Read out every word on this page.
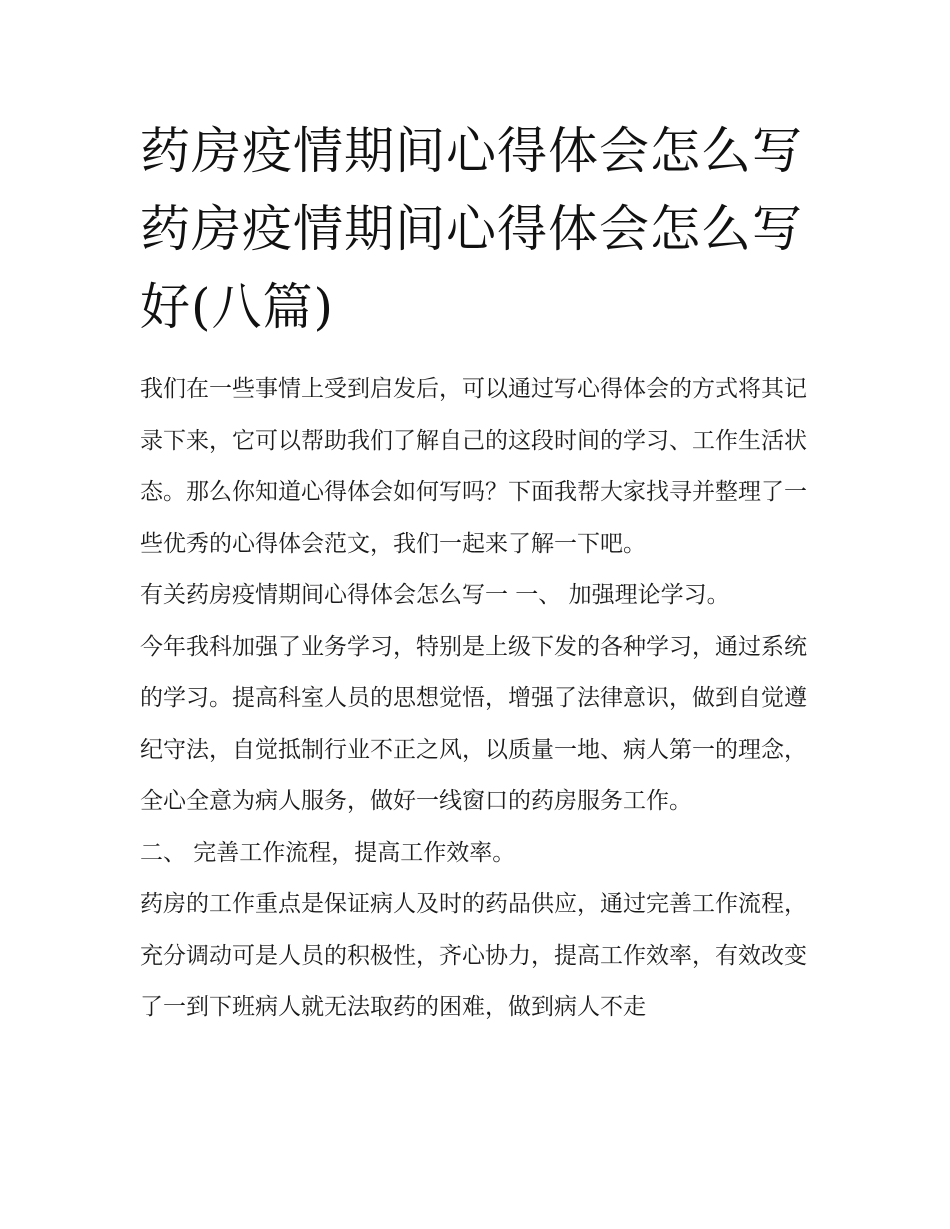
药房疫情期间心得体会怎么写
药房疫情期间心得体会怎么写
好(八篇)

我们在一些事情上受到启发后，可以通过写心得体会的方式将其记录下来，它可以帮助我们了解自己的这段时间的学习、工作生活状态。那么你知道心得体会如何写吗？下面我帮大家找寻并整理了一些优秀的心得体会范文，我们一起来了解一下吧。

有关药房疫情期间心得体会怎么写一 一、 加强理论学习。

今年我科加强了业务学习，特别是上级下发的各种学习，通过系统的学习。提高科室人员的思想觉悟，增强了法律意识，做到自觉遵纪守法，自觉抵制行业不正之风，以质量一地、病人第一的理念，全心全意为病人服务，做好一线窗口的药房服务工作。

二、 完善工作流程，提高工作效率。

药房的工作重点是保证病人及时的药品供应，通过完善工作流程，充分调动可是人员的积极性，齐心协力，提高工作效率，有效改变了一到下班病人就无法取药的困难，做到病人不走
